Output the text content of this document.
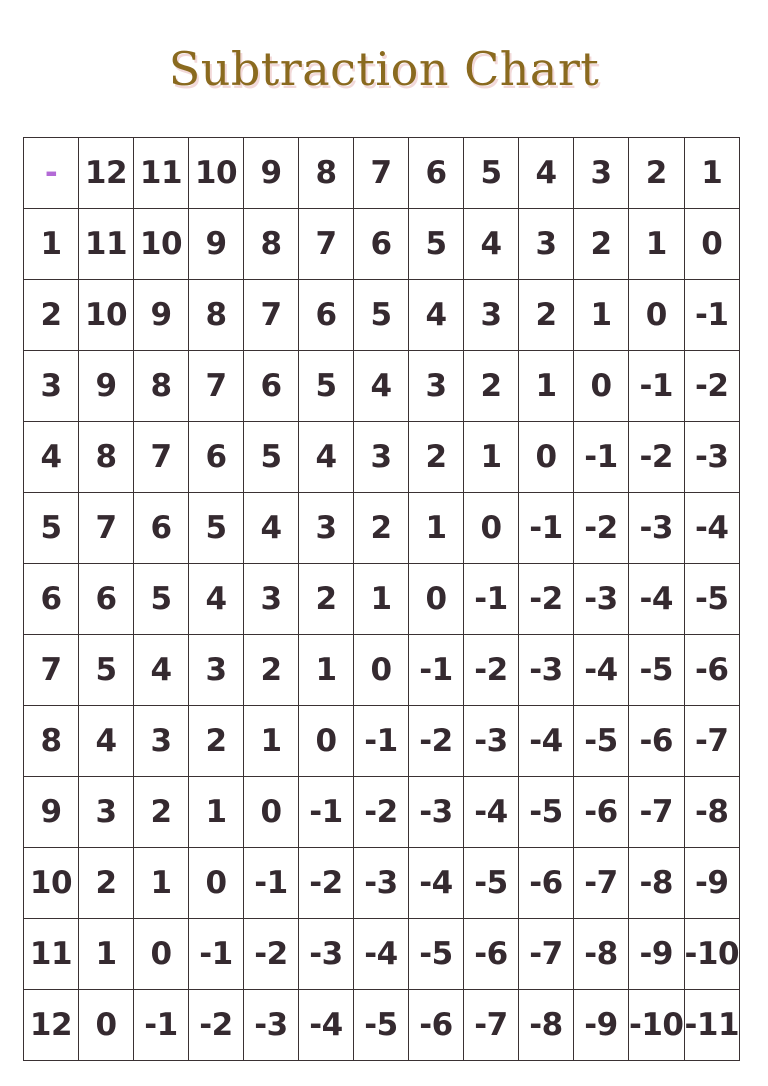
Subtraction Chart
-	12	11	10	9	8	7	6	5	4	3	2	1
1	11	10	9	8	7	6	5	4	3	2	1	0
2	10	9	8	7	6	5	4	3	2	1	0	-1
3	9	8	7	6	5	4	3	2	1	0	-1	-2
4	8	7	6	5	4	3	2	1	0	-1	-2	-3
5	7	6	5	4	3	2	1	0	-1	-2	-3	-4
6	6	5	4	3	2	1	0	-1	-2	-3	-4	-5
7	5	4	3	2	1	0	-1	-2	-3	-4	-5	-6
8	4	3	2	1	0	-1	-2	-3	-4	-5	-6	-7
9	3	2	1	0	-1	-2	-3	-4	-5	-6	-7	-8
10	2	1	0	-1	-2	-3	-4	-5	-6	-7	-8	-9
11	1	0	-1	-2	-3	-4	-5	-6	-7	-8	-9	-10
12	0	-1	-2	-3	-4	-5	-6	-7	-8	-9	-10	-11
